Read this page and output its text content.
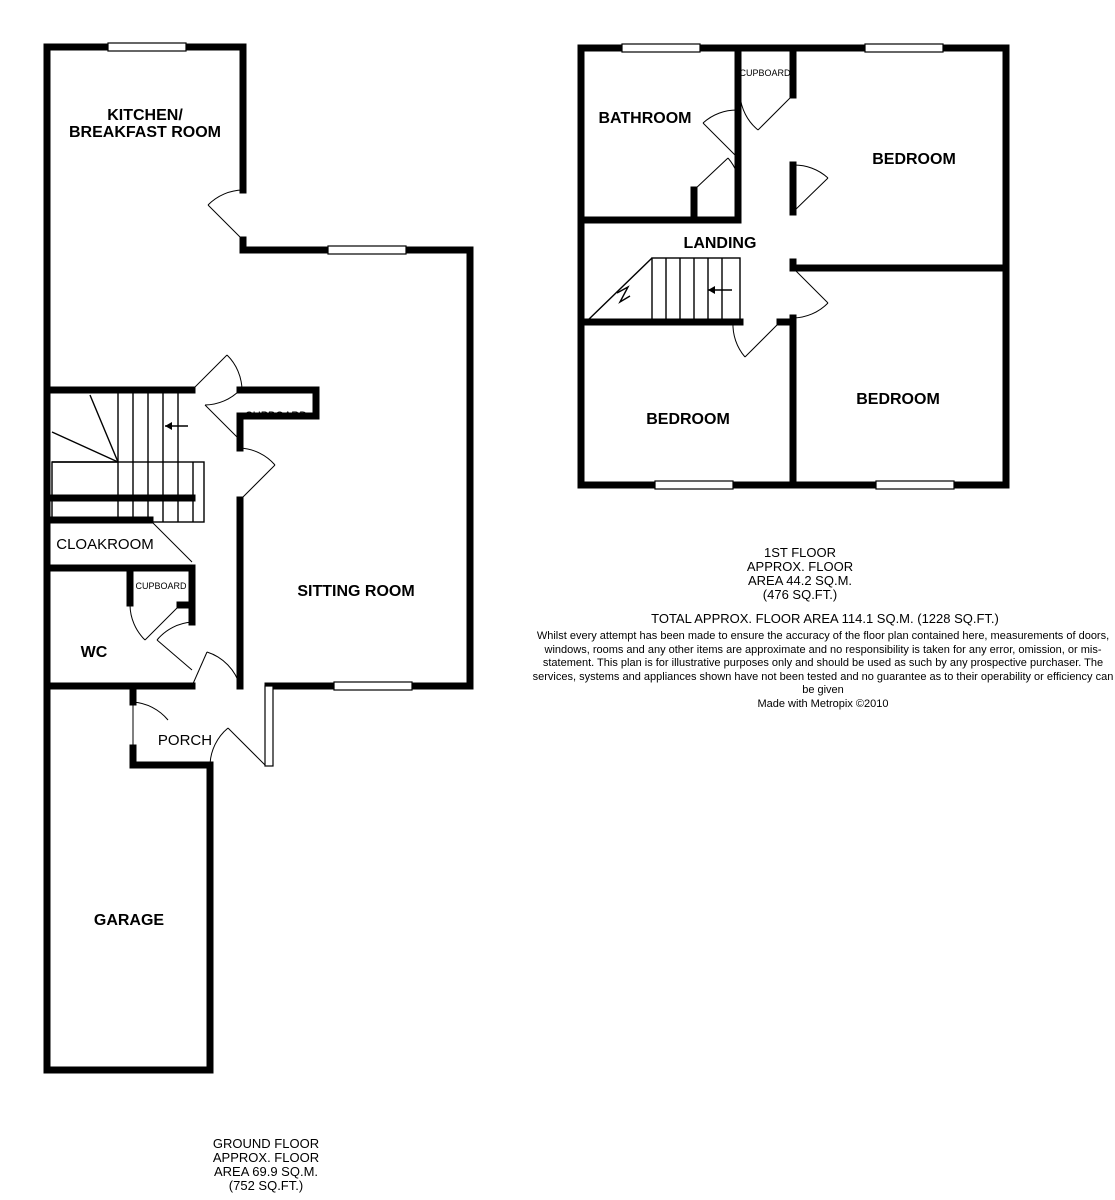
KITCHEN/
BREAKFAST ROOM
CUPBOARD
SITTING ROOM
CLOAKROOM
CUPBOARD
WC
PORCH
GARAGE
BATHROOM
CUPBOARD
BEDROOM
LANDING
BEDROOM
BEDROOM
1ST FLOOR
APPROX. FLOOR
AREA 44.2 SQ.M.
(476 SQ.FT.)
TOTAL APPROX. FLOOR AREA 114.1 SQ.M. (1228 SQ.FT.)
Whilst every attempt has been made to ensure the accuracy of the floor plan contained here, measurements of doors, windows, rooms and any other items are approximate and no responsibility is taken for any error, omission, or mis-statement. This plan is for illustrative purposes only and should be used as such by any prospective purchaser. The services, systems and appliances shown have not been tested and no guarantee as to their operability or efficiency can be given
Made with Metropix ©2010
GROUND FLOOR
APPROX. FLOOR
AREA 69.9 SQ.M.
(752 SQ.FT.)
